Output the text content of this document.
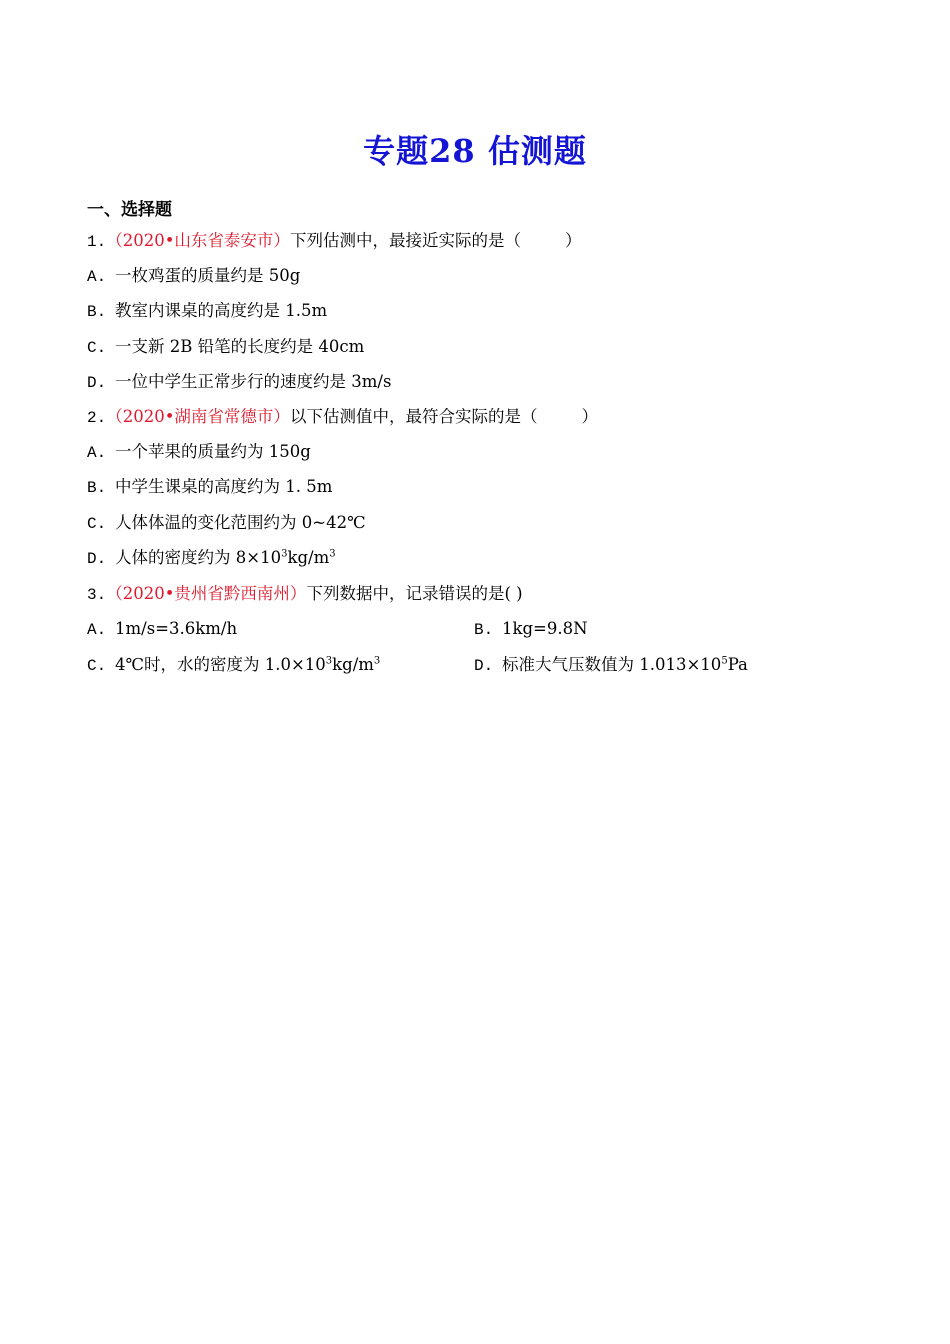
专题28 估测题
一、选择题
1.（2020•山东省泰安市）下列估测中，最接近实际的是（	）
A. 一枚鸡蛋的质量约是 50g
B. 教室内课桌的高度约是 1.5m
C. 一支新 2B 铅笔的长度约是 40cm
D. 一位中学生正常步行的速度约是 3m/s
2.（2020•湖南省常德市）以下估测值中，最符合实际的是（	）
A. 一个苹果的质量约为 150g
B. 中学生课桌的高度约为 1. 5m
C. 人体体温的变化范围约为 0~42℃
D. 人体的密度约为 $8\times 10^3kg/m^3$
3.（2020•贵州省黔西南州）下列数据中，记录错误的是( )
A. 1m/s=3.6km/h	B. 1kg=9.8N
C. 4℃时，水的密度为 $1.0\times 10^3kg/m^3$	D. 标准大气压数值为 $1.013\times 10^5Pa$
